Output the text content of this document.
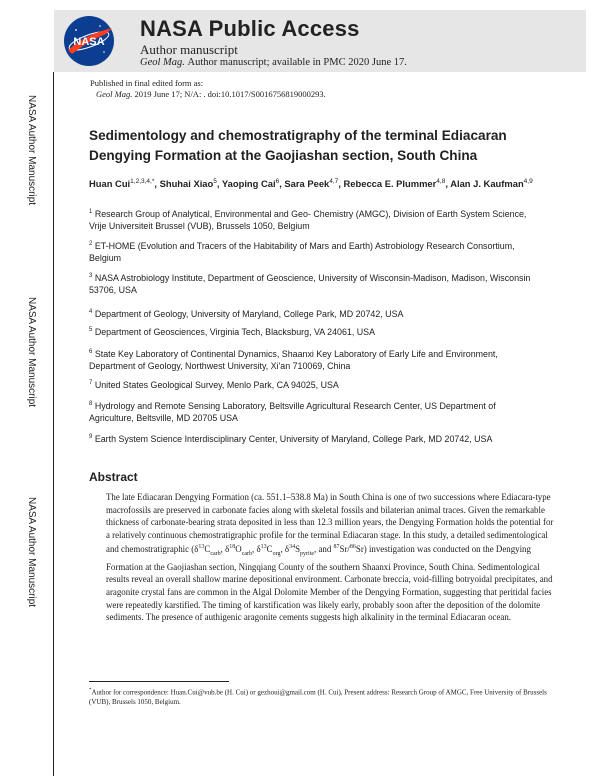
NASA
NASA Public Access
Author manuscript
Geol Mag. Author manuscript; available in PMC 2020 June 17.
NASA Author Manuscript
NASA Author Manuscript
NASA Author Manuscript
Published in final edited form as:
Geol Mag. 2019 June 17; N/A: . doi:10.1017/S0016756819000293.
Sedimentology and chemostratigraphy of the terminal Ediacaran Dengying Formation at the Gaojiashan section, South China
Huan Cui$^{1,2,3,4,*}$, Shuhai Xiao$^5$, Yaoping Cai$^6$, Sara Peek$^{4,7}$, Rebecca E. Plummer$^{4,8}$, Alan J. Kaufman$^{4,9}$
$^1$ Research Group of Analytical, Environmental and Geo- Chemistry (AMGC), Division of Earth System Science, Vrije Universiteit Brussel (VUB), Brussels 1050, Belgium
$^2$ ET-HOME (Evolution and Tracers of the Habitability of Mars and Earth) Astrobiology Research Consortium, Belgium
$^3$ NASA Astrobiology Institute, Department of Geoscience, University of Wisconsin-Madison, Madison, Wisconsin 53706, USA
$^4$ Department of Geology, University of Maryland, College Park, MD 20742, USA
$^5$ Department of Geosciences, Virginia Tech, Blacksburg, VA 24061, USA
$^6$ State Key Laboratory of Continental Dynamics, Shaanxi Key Laboratory of Early Life and Environment, Department of Geology, Northwest University, Xi'an 710069, China
$^7$ United States Geological Survey, Menlo Park, CA 94025, USA
$^8$ Hydrology and Remote Sensing Laboratory, Beltsville Agricultural Research Center, US Department of Agriculture, Beltsville, MD 20705 USA
$^9$ Earth System Science Interdisciplinary Center, University of Maryland, College Park, MD 20742, USA
Abstract
The late Ediacaran Dengying Formation (ca. 551.1–538.8 Ma) in South China is one of two successions where Ediacara-type macrofossils are preserved in carbonate facies along with skeletal fossils and bilaterian animal traces. Given the remarkable thickness of carbonate-bearing strata deposited in less than 12.3 million years, the Dengying Formation holds the potential for a relatively continuous chemostratigraphic profile for the terminal Ediacaran stage. In this study, a detailed sedimentological and chemostratigraphic ($\delta^{13}C_{carb}$, $\delta^{18}O_{carb}$, $\delta^{13}C_{org}$, $\delta^{34}S_{pyrite}$, and $^{87}$Sr/$^{86}$Sr) investigation was conducted on the Dengying Formation at the Gaojiashan section, Ningqiang County of the southern Shaanxi Province, South China. Sedimentological results reveal an overall shallow marine depositional environment. Carbonate breccia, void-filling botryoidal precipitates, and aragonite crystal fans are common in the Algal Dolomite Member of the Dengying Formation, suggesting that peritidal facies were repeatedly karstified. The timing of karstification was likely early, probably soon after the deposition of the dolomite sediments. The presence of authigenic aragonite cements suggests high alkalinity in the terminal Ediacaran ocean.
*Author for correspondence: Huan.Cui@vub.be (H. Cui) or gezhoui@gmail.com (H. Cui), Present address: Research Group of AMGC, Free University of Brussels (VUB), Brussels 1050, Belgium.
